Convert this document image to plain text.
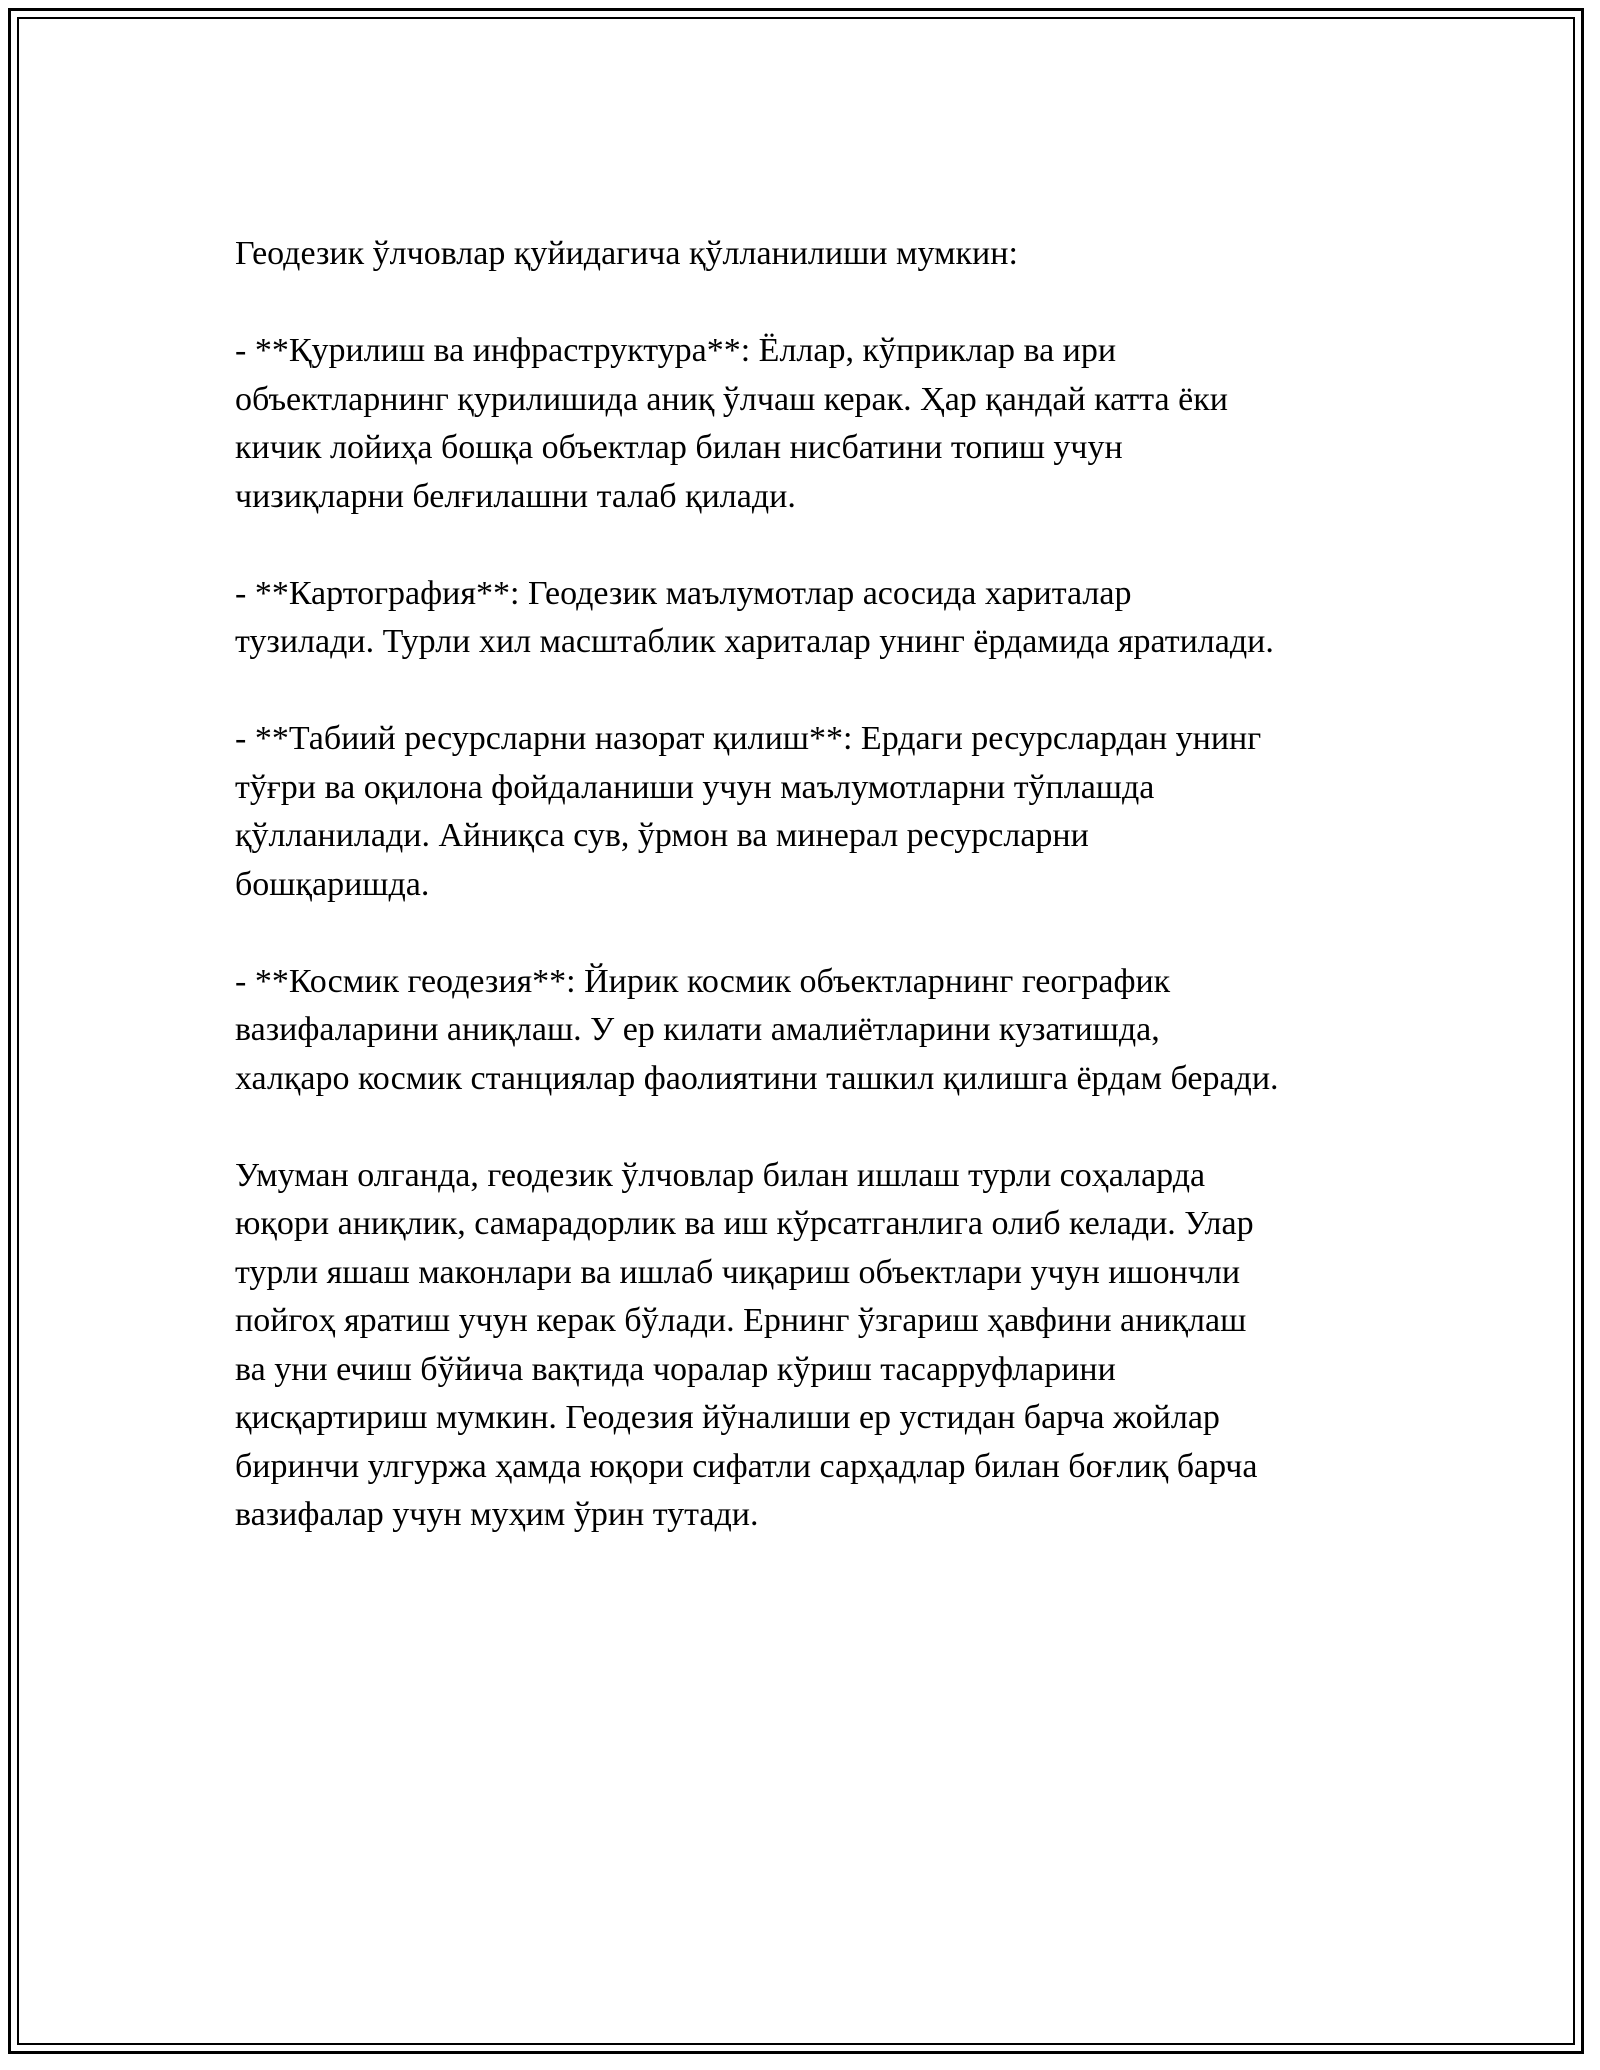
Геодезик ўлчовлар қуйидагича қўлланилиши мумкин:

- **Қурилиш ва инфраструктура**: Ёллар, кўприклар ва ири
объектларнинг қурилишида аниқ ўлчаш керак. Ҳар қандай катта ёки
кичик лойиҳа бошқа объектлар билан нисбатини топиш учун
чизиқларни белғилашни талаб қилади.

- **Картография**: Геодезик маълумотлар асосида хариталар
тузилади. Турли хил масштаблик хариталар унинг ёрдамида яратилади.

- **Табиий ресурсларни назорат қилиш**: Ердаги ресурслардан унинг
тўғри ва оқилона фойдаланиши учун маълумотларни тўплашда
қўлланилади. Айниқса сув, ўрмон ва минерал ресурсларни
бошқаришда.

- **Космик геодезия**: Йирик космик объектларнинг географик
вазифаларини аниқлаш. У ер килати амалиётларини кузатишда,
халқаро космик станциялар фаолиятини ташкил қилишга ёрдам беради.

Умуман олганда, геодезик ўлчовлар билан ишлаш турли соҳаларда
юқори аниқлик, самарадорлик ва иш кўрсатганлига олиб келади. Улар
турли яшаш маконлари ва ишлаб чиқариш объектлари учун ишончли
пойгоҳ яратиш учун керак бўлади. Ернинг ўзгариш ҳавфини аниқлаш
ва уни ечиш бўйича вақтида чоралар кўриш тасарруфларини
қисқартириш мумкин. Геодезия йўналиши ер устидан барча жойлар
биринчи улгуржа ҳамда юқори сифатли сарҳадлар билан боғлиқ барча
вазифалар учун муҳим ўрин тутади.
